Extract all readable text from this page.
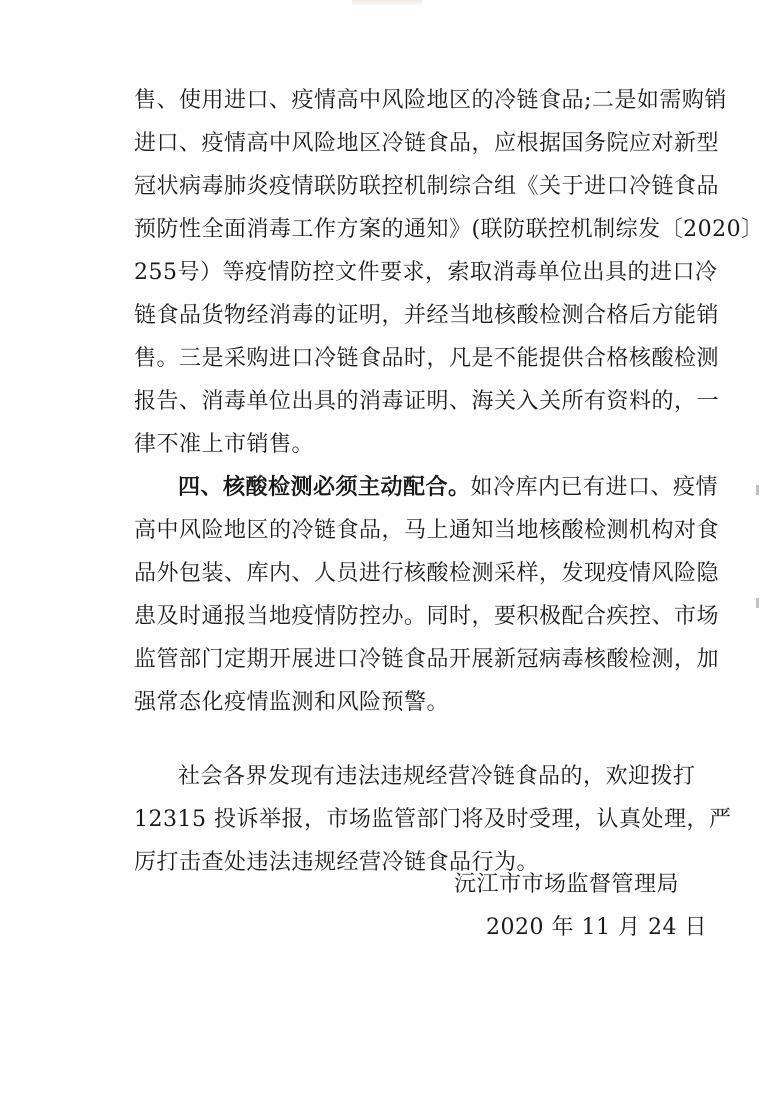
售、使用进口、疫情高中风险地区的冷链食品;二是如需购销
进口、疫情高中风险地区冷链食品，应根据国务院应对新型
冠状病毒肺炎疫情联防联控机制综合组《关于进口冷链食品
预防性全面消毒工作方案的通知》(联防联控机制综发〔2020〕
255号）等疫情防控文件要求，索取消毒单位出具的进口冷
链食品货物经消毒的证明，并经当地核酸检测合格后方能销
售。三是采购进口冷链食品时，凡是不能提供合格核酸检测
报告、消毒单位出具的消毒证明、海关入关所有资料的，一
律不准上市销售。
四、核酸检测必须主动配合。如冷库内已有进口、疫情
高中风险地区的冷链食品，马上通知当地核酸检测机构对食
品外包装、库内、人员进行核酸检测采样，发现疫情风险隐
患及时通报当地疫情防控办。同时，要积极配合疾控、市场
监管部门定期开展进口冷链食品开展新冠病毒核酸检测，加
强常态化疫情监测和风险预警。
社会各界发现有违法违规经营冷链食品的，欢迎拨打
12315 投诉举报，市场监管部门将及时受理，认真处理，严
厉打击查处违法违规经营冷链食品行为。
沅江市市场监督管理局
2020 年 11 月 24 日
